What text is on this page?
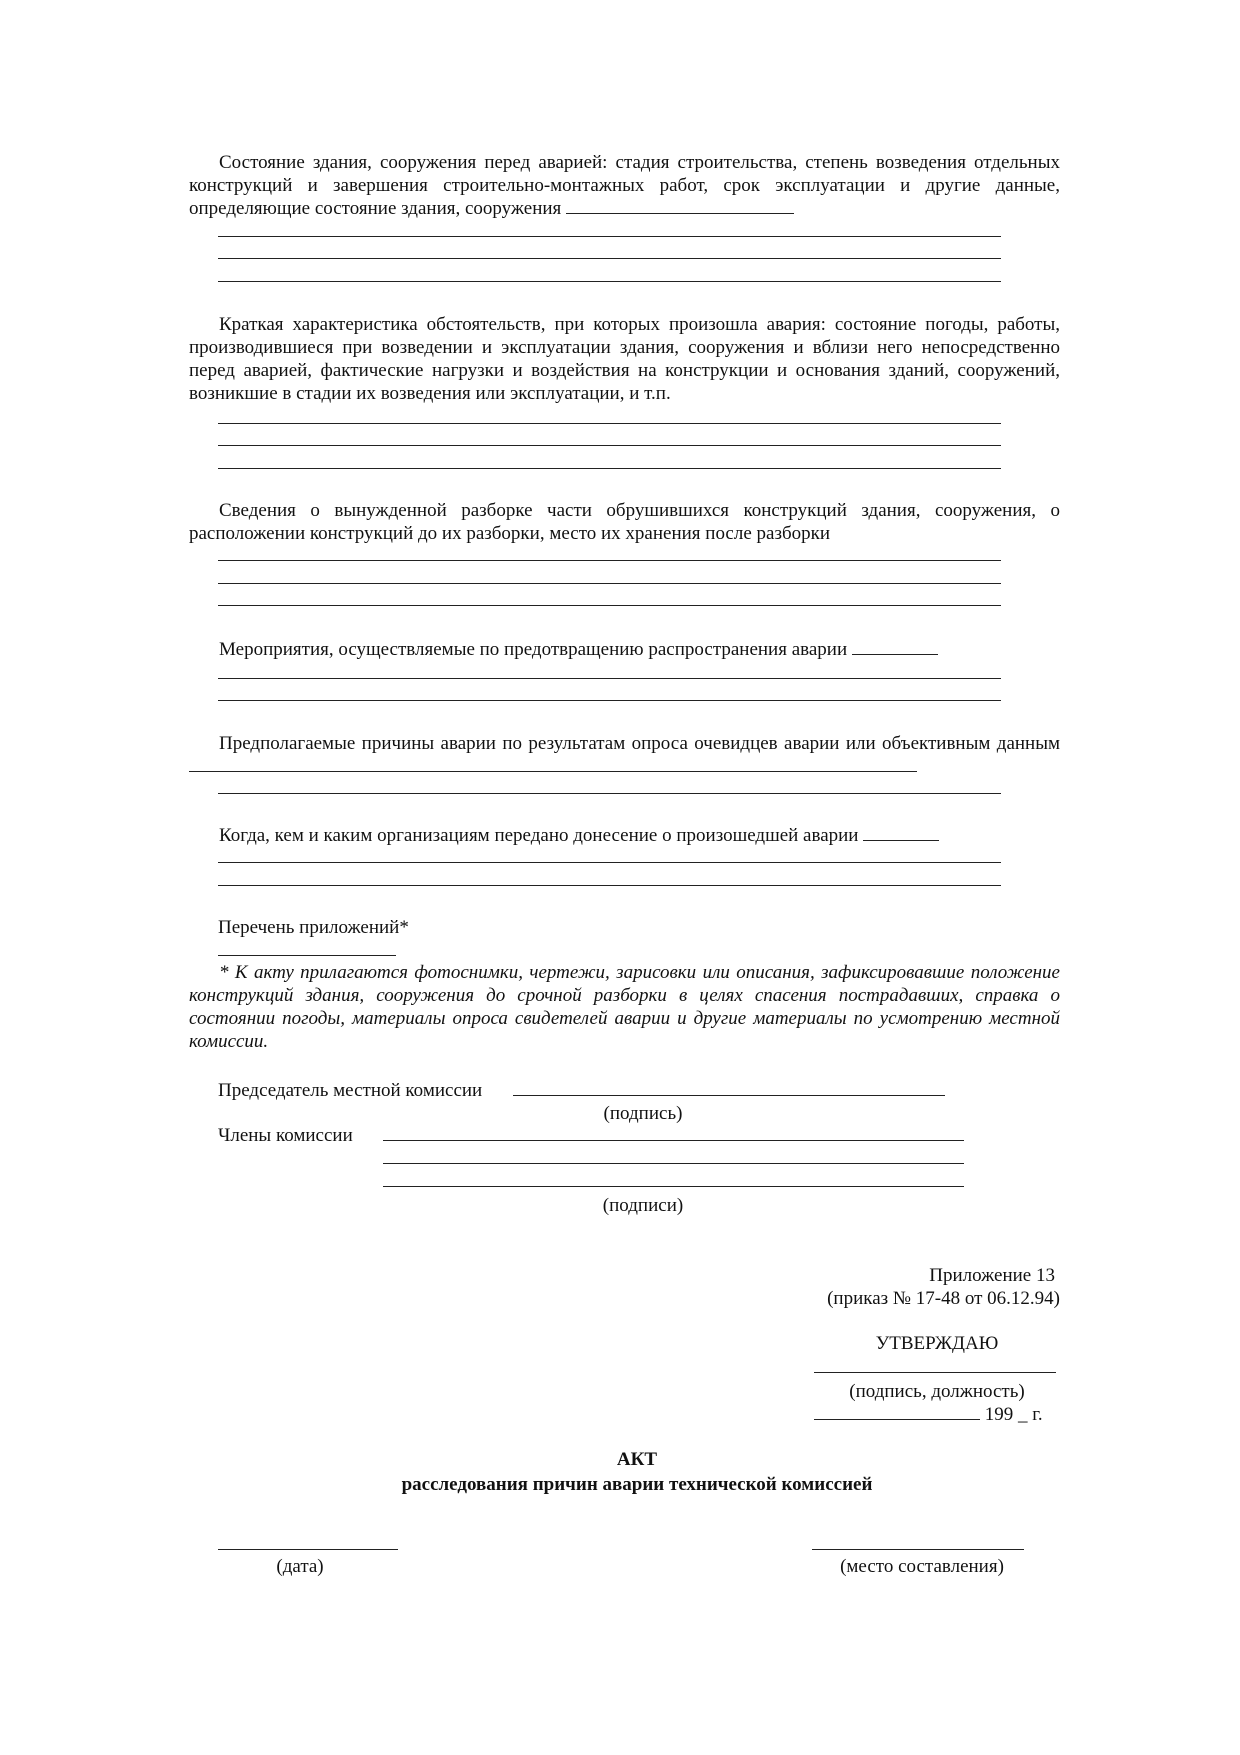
Состояние здания, сооружения перед аварией: стадия строительства, степень возведения отдельных конструкций и завершения строительно-монтажных работ, срок эксплуатации и другие данные, определяющие состояние здания, сооружения

Краткая характеристика обстоятельств, при которых произошла авария: состояние погоды, работы, производившиеся при возведении и эксплуатации здания, сооружения и вблизи него непосредственно перед аварией, фактические нагрузки и воздействия на конструкции и основания зданий, сооружений, возникшие в стадии их возведения или эксплуатации, и т.п.

Сведения о вынужденной разборке части обрушившихся конструкций здания, сооружения, о расположении конструкций до их разборки, место их хранения после разборки

Мероприятия, осуществляемые по предотвращению распространения аварии

Предполагаемые причины аварии по результатам опроса очевидцев аварии или объективным данным

Когда, кем и каким организациям передано донесение о произошедшей аварии

Перечень приложений*

* К акту прилагаются фотоснимки, чертежи, зарисовки или описания, зафиксировавшие положение конструкций здания, сооружения до срочной разборки в целях спасения пострадавших, справка о состоянии погоды, материалы опроса свидетелей аварии и другие материалы по усмотрению местной комиссии.

Председатель местной комиссии
(подпись)
Члены комиссии
(подписи)
Приложение 13
(приказ № 17-48 от 06.12.94)
УТВЕРЖДАЮ
(подпись, должность)
199 _ г.
АКТ
расследования причин аварии технической комиссией
(дата)	(место составления)
